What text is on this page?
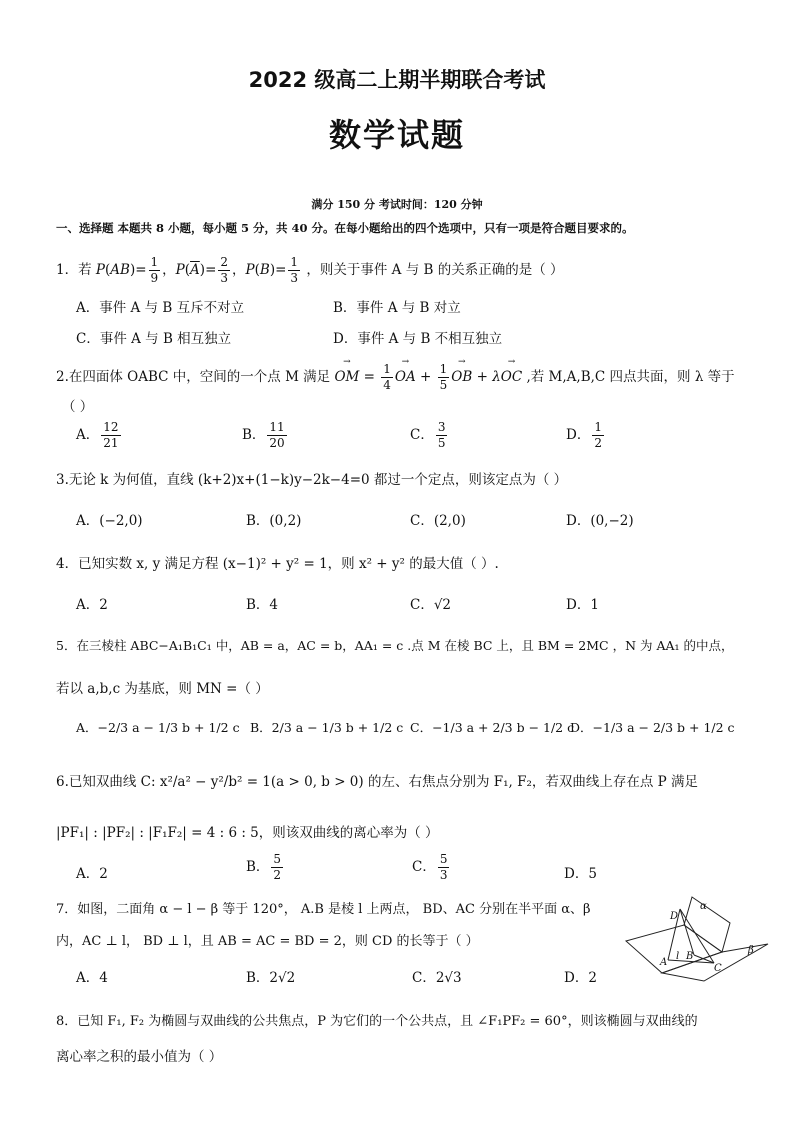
2022 级高二上期半期联合考试
数学试题
满分 150 分 考试时间：120 分钟
一、选择题 本题共 8 小题，每小题 5 分，共 40 分。在每小题给出的四个选项中，只有一项是符合题目要求的。
1．若 $P(AB)= \frac{1}{9}$ ，$P(\overline{A})= \frac{2}{3}$ ，$P(B)= \frac{1}{3}$ ，则关于事件 A 与 B 的关系正确的是（ ）
A．事件 A 与 B 互斥不对立	B．事件 A 与 B 对立
C．事件 A 与 B 相互独立	D．事件 A 与 B 不相互独立
2.在四面体 OABC 中，空间的一个点 M 满足 → OM = $\frac{1}{4}$ → OA + $\frac{1}{5}$ → OB + λ→ OC ,若 M,A,B,C 四点共面，则 λ 等于
（ ）
A． $\frac{12}{21}$	B． $\frac{11}{20}$	C． $\frac{3}{5}$	D． $\frac{1}{2}$
3.无论 k 为何值，直线 (k+2)x+(1−k)y−2k−4=0 都过一个定点，则该定点为（ ）
A．(−2,0)	B．(0,2)	C．(2,0)	D．(0,−2)
4．已知实数 x, y 满足方程 (x−1)² + y² = 1，则 x² + y² 的最大值（ ）.
A．2	B．4	C．√2	D．1
5．在三棱柱 ABC−A₁B₁C₁ 中，AB = a，AC = b，AA₁ = c .点 M 在棱 BC 上，且 BM = 2MC ，N 为 AA₁ 的中点，
若以 a,b,c 为基底，则 MN =（ ）
A．−2/3 a − 1/3 b + 1/2 c B．2/3 a − 1/3 b + 1/2 c C．−1/3 a + 2/3 b − 1/2 c
D．−1/3 a − 2/3 b + 1/2 c
6.已知双曲线 C: x²/a² − y²/b² = 1(a > 0, b > 0) 的左、右焦点分别为 F₁, F₂，若双曲线上存在点 P 满足
|PF₁| : |PF₂| : |F₁F₂| = 4 : 6 : 5，则该双曲线的离心率为（ ）
A．2	B． $\frac{5}{2}$	C． $\frac{5}{3}$	D．5
7．如图，二面角 α − l − β 等于 120°， A.B 是棱 l 上两点， BD、AC 分别在半平面 α、β
内，AC ⊥ l， BD ⊥ l，且 AB = AC = BD = 2，则 CD 的长等于（ ）
A．4	B．2√2	C．2√3	D．2
α
β
D
A
l B
C
8．已知 F₁, F₂ 为椭圆与双曲线的公共焦点，P 为它们的一个公共点，且 ∠F₁PF₂ = 60°，则该椭圆与双曲线的
离心率之积的最小值为（ ）
